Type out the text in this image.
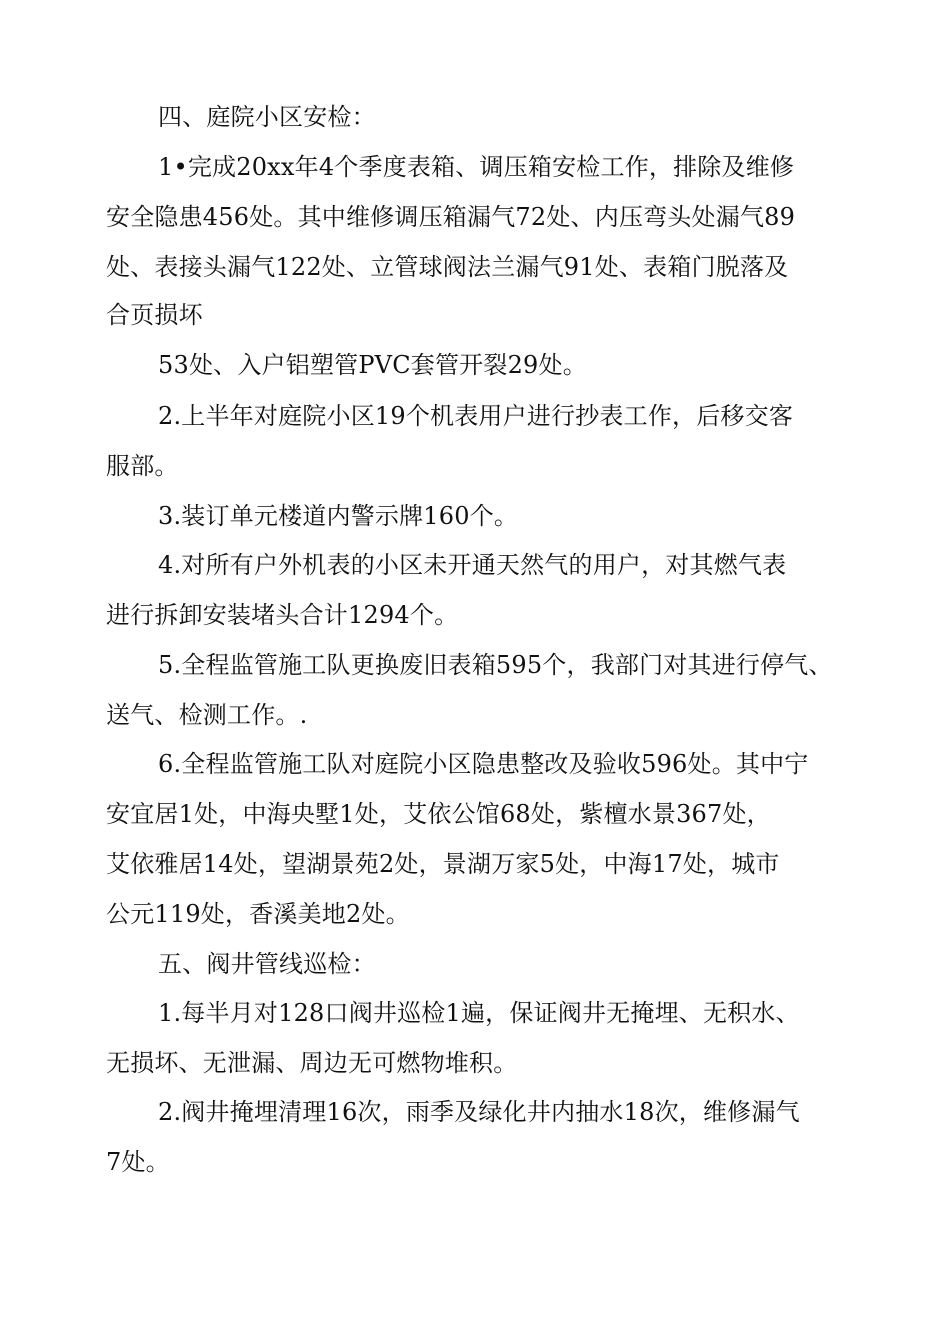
四、庭院小区安检：
1•完成20xx年4个季度表箱、调压箱安检工作，排除及维修
安全隐患456处。其中维修调压箱漏气72处、内压弯头处漏气89
处、表接头漏气122处、立管球阀法兰漏气91处、表箱门脱落及
合页损坏
53处、入户铝塑管PVC套管开裂29处。
2.上半年对庭院小区19个机表用户进行抄表工作，后移交客
服部。
3.装订单元楼道内警示牌160个。
4.对所有户外机表的小区未开通天然气的用户，对其燃气表
进行拆卸安装堵头合计1294个。
5.全程监管施工队更换废旧表箱595个，我部门对其进行停气、
送气、检测工作。.
6.全程监管施工队对庭院小区隐患整改及验收596处。其中宁
安宜居1处，中海央墅1处，艾依公馆68处，紫檀水景367处，
艾依雅居14处，望湖景苑2处，景湖万家5处，中海17处，城市
公元119处，香溪美地2处。
五、阀井管线巡检：
1.每半月对128口阀井巡检1遍，保证阀井无掩埋、无积水、
无损坏、无泄漏、周边无可燃物堆积。
2.阀井掩埋清理16次，雨季及绿化井内抽水18次，维修漏气
7处。
